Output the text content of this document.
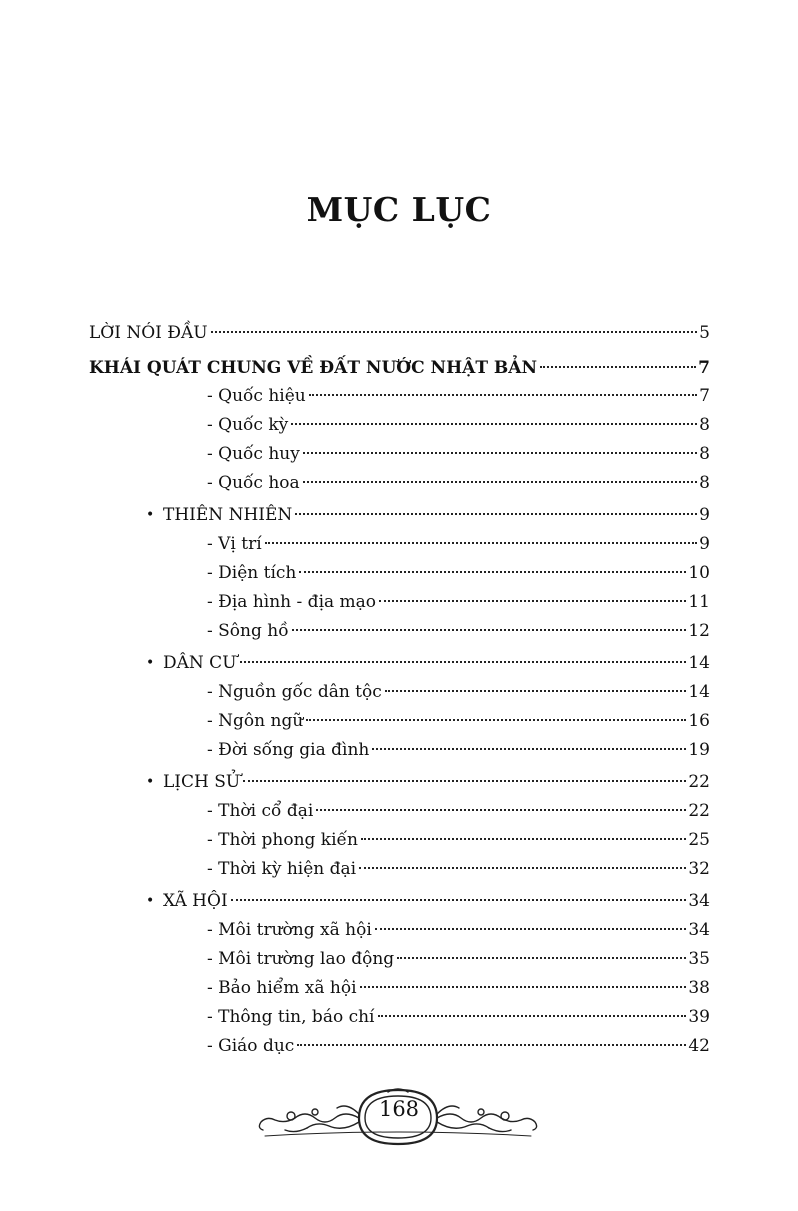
MỤC LỤC
LỜI NÓI ĐẦU	5
KHÁI QUÁT CHUNG VỀ ĐẤT NƯỚC NHẬT BẢN	7
- Quốc hiệu	7
- Quốc kỳ	8
- Quốc huy	8
- Quốc hoa	8
THIÊN NHIÊN	9
•
- Vị trí	9
- Diện tích	10
- Địa hình - địa mạo	11
- Sông hồ	12
DÂN CƯ	14
•
- Nguồn gốc dân tộc	14
- Ngôn ngữ	16
- Đời sống gia đình	19
LỊCH SỬ	22
•
- Thời cổ đại	22
- Thời phong kiến	25
- Thời kỳ hiện đại	32
XÃ HỘI	34
•
- Môi trường xã hội	34
- Môi trường lao động	35
- Bảo hiểm xã hội	38
- Thông tin, báo chí	39
- Giáo dục	42
168
